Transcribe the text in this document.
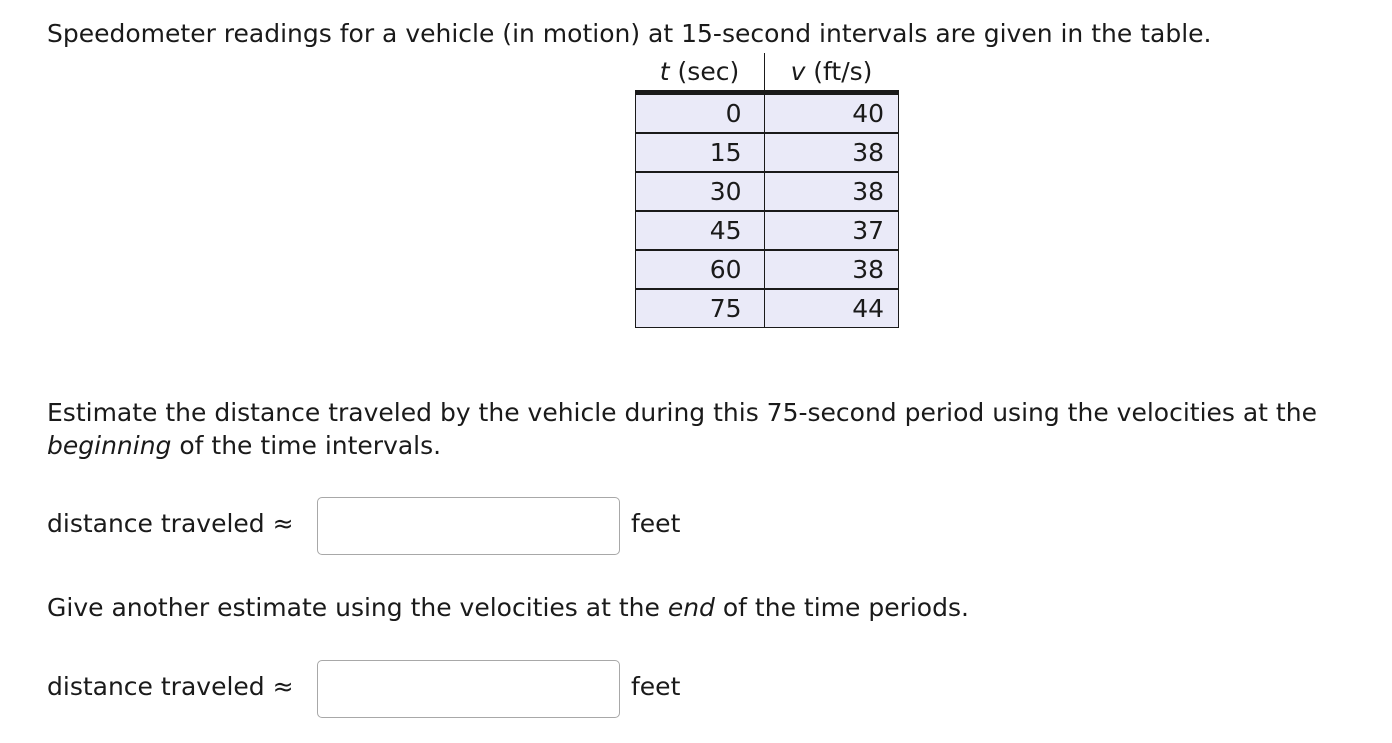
Speedometer readings for a vehicle (in motion) at 15-second intervals are given in the table.

t (sec)	v (ft/s)
0	40
15	38
30	38
45	37
60	38
75	44

Estimate the distance traveled by the vehicle during this 75-second period using the velocities at the beginning of the time intervals.

distance traveled ≈	feet

Give another estimate using the velocities at the end of the time periods.

distance traveled ≈	feet
